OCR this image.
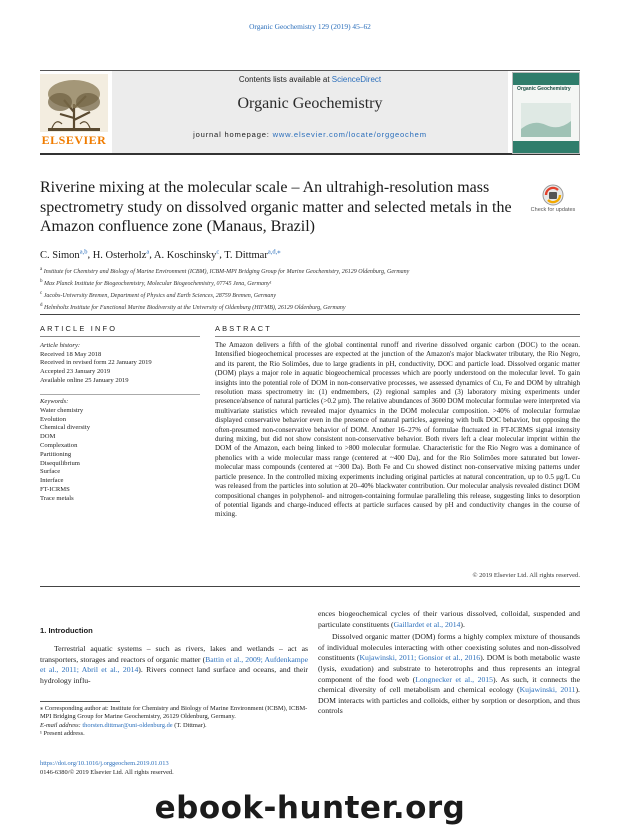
Organic Geochemistry 129 (2019) 45–62
Contents lists available at ScienceDirect
Organic Geochemistry
journal homepage: www.elsevier.com/locate/orggeochem
ELSEVIER
Organic Geochemistry
Riverine mixing at the molecular scale – An ultrahigh-resolution mass spectrometry study on dissolved organic matter and selected metals in the Amazon confluence zone (Manaus, Brazil)
Check for updates
C. Simon$^{a,b}$, H. Osterholz$^a$, A. Koschinsky$^c$, T. Dittmar$^{a,d,⁎}$
$^a$ Institute for Chemistry and Biology of Marine Environment (ICBM), ICBM-MPI Bridging Group for Marine Geochemistry, 26129 Oldenburg, Germany
$^b$ Max Planck Institute for Biogeochemistry, Molecular Biogeochemistry, 07745 Jena, Germany¹
$^c$ Jacobs-University Bremen, Department of Physics and Earth Sciences, 28759 Bremen, Germany
$^d$ Helmholtz Institute for Functional Marine Biodiversity at the University of Oldenburg (HIFMB), 26129 Oldenburg, Germany
ARTICLE INFO
Article history:
Received 18 May 2018
Received in revised form 22 January 2019
Accepted 23 January 2019
Available online 25 January 2019
Keywords:
Water chemistry
Evolution
Chemical diversity
DOM
Complexation
Partitioning
Disequilibrium
Surface
Interface
FT-ICRMS
Trace metals
ABSTRACT
The Amazon delivers a fifth of the global continental runoff and riverine dissolved organic carbon (DOC) to the ocean. Intensified biogeochemical processes are expected at the junction of the Amazon's major blackwater tributary, the Rio Negro, and its parent, the Rio Solimões, due to large gradients in pH, conductivity, DOC and particle load. Dissolved organic matter (DOM) plays a major role in aquatic biogeochemical processes which are poorly understood on the molecular level. To gain insights into the potential role of DOM in non-conservative processes, we assessed dynamics of Cu, Fe and DOM by ultrahigh resolution mass spectrometry in: (1) endmembers, (2) regional samples and (3) laboratory mixing experiments under presence/absence of natural particles (>0.2 μm). The relative abundances of 3600 DOM molecular formulae were interpreted via multivariate statistics which revealed major dynamics in the DOM molecular composition. >40% of molecular formulae displayed conservative behavior even in the presence of natural particles, agreeing with bulk DOC behavior, but opposing the often-presumed non-conservative behavior of DOM. Another 16–27% of formulae fluctuated in FT-ICRMS signal intensity during mixing, but did not show consistent non-conservative behavior. Both rivers left a clear molecular imprint within the DOM of the Amazon, each being linked to >800 molecular formulae. Characteristic for the Rio Negro was a dominance of phenolics with a wide molecular mass range (centered at ~400 Da), and for the Rio Solimões more saturated but lower-molecular mass compounds (centered at ~300 Da). Both Fe and Cu showed distinct non-conservative mixing patterns under particle presence. In the controlled mixing experiments including original particles at natural concentration, up to 0.5 μg/L Cu was released from the particles into solution at 20–40% blackwater contribution. Our molecular analysis revealed distinct DOM compositional changes in polyphenol- and nitrogen-containing formulae paralleling this release, suggesting links to desorption of potential ligands and charge-induced effects at particle surfaces caused by pH and conductivity changes in the course of mixing.
© 2019 Elsevier Ltd. All rights reserved.
1. Introduction
Terrestrial aquatic systems – such as rivers, lakes and wetlands – act as transporters, storages and reactors of organic matter (Battin et al., 2009; Aufdenkampe et al., 2011; Abril et al., 2014). Rivers connect land surface and oceans, and their hydrology influ-

ences biogeochemical cycles of their various dissolved, colloidal, suspended and particulate constituents (Gaillardet et al., 2014).

Dissolved organic matter (DOM) forms a highly complex mixture of thousands of individual molecules interacting with other coexisting solutes and non-dissolved constituents (Kujawinski, 2011; Gonsior et al., 2016). DOM is both metabolic waste (lysis, exudation) and substrate to heterotrophs and thus represents an integral component of the food web (Longnecker et al., 2015). As such, it connects the chemical diversity of cell metabolism and chemical ecology (Kujawinski, 2011). DOM interacts with particles and colloids, either by sorption or desorption, and thus controls

⁎ Corresponding author at: Institute for Chemistry and Biology of Marine Environment (ICBM), ICBM-MPI Bridging Group for Marine Geochemistry, 26129 Oldenburg, Germany.

E-mail address: thorsten.dittmar@uni-oldenburg.de (T. Dittmar).

¹ Present address.

https://doi.org/10.1016/j.orggeochem.2019.01.013
0146-6380/© 2019 Elsevier Ltd. All rights reserved.
ebook-hunter.org
